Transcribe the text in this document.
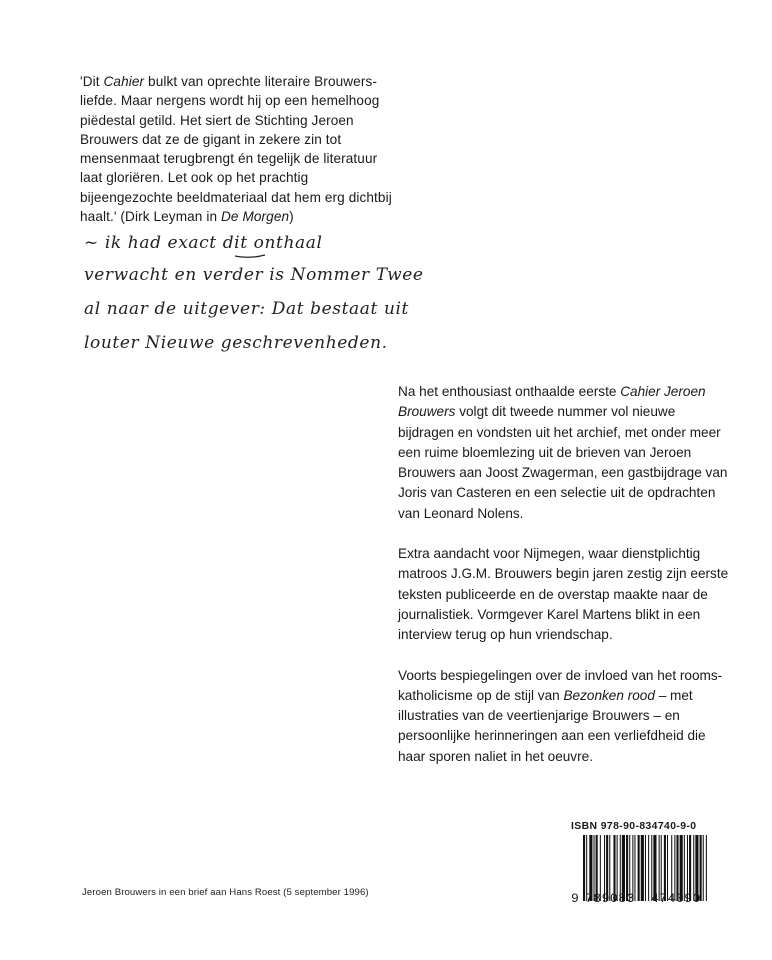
'Dit Cahier bulkt van oprechte literaire Brouwers-liefde. Maar nergens wordt hij op een hemelhoog piëdestal getild. Het siert de Stichting Jeroen Brouwers dat ze de gigant in zekere zin tot mensenmaat terugbrengt én tegelijk de literatuur laat gloriëren. Let ook op het prachtig bijeengezochte beeldmateriaal dat hem erg dichtbij haalt.' (Dirk Leyman in De Morgen)

~ ik had exact dit onthaal
verwacht en verder is Nommer Twee
al naar de uitgever: Dat bestaat uit
louter Nieuwe geschrevenheden.

Na het enthousiast onthaalde eerste Cahier Jeroen Brouwers volgt dit tweede nummer vol nieuwe bijdragen en vondsten uit het archief, met onder meer een ruime bloemlezing uit de brieven van Jeroen Brouwers aan Joost Zwagerman, een gastbijdrage van Joris van Casteren en een selectie uit de opdrachten van Leonard Nolens.

Extra aandacht voor Nijmegen, waar dienstplichtig matroos J.G.M. Brouwers begin jaren zestig zijn eerste teksten publiceerde en de overstap maakte naar de journalistiek. Vormgever Karel Martens blikt in een interview terug op hun vriendschap.

Voorts bespiegelingen over de invloed van het rooms-katholicisme op de stijl van Bezonken rood – met illustraties van de veertienjarige Brouwers – en persoonlijke herinneringen aan een verliefdheid die haar sporen naliet in het oeuvre.

Jeroen Brouwers in een brief aan Hans Roest (5 september 1996)
ISBN 978-90-834740-9-0
9 789083 474090
